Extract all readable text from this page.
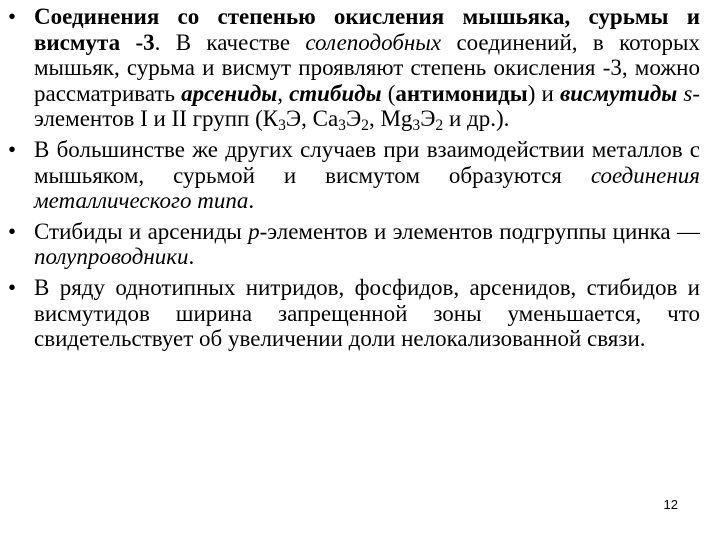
• Соединения со степенью окисления мышьяка, сурьмы и висмута -3. В качестве солеподобных соединений, в которых мышьяк, сурьма и висмут проявляют степень окисления -3, можно рассматривать арсениды, стибиды (антимониды) и висмутиды s-элементов I и II групп ($К_3Э$, $Са_3Э_2$, $Mg_3Э_2$ и др.).
• В большинстве же других случаев при взаимодействии металлов с мышьяком, сурьмой и висмутом образуются соединения металлического типа.
• Стибиды и арсениды р-элементов и элементов подгруппы цинка — полупроводники.
• В ряду однотипных нитридов, фосфидов, арсенидов, стибидов и висмутидов ширина запрещенной зоны уменьшается, что свидетельствует об увеличении доли нелокализованной связи.
12
